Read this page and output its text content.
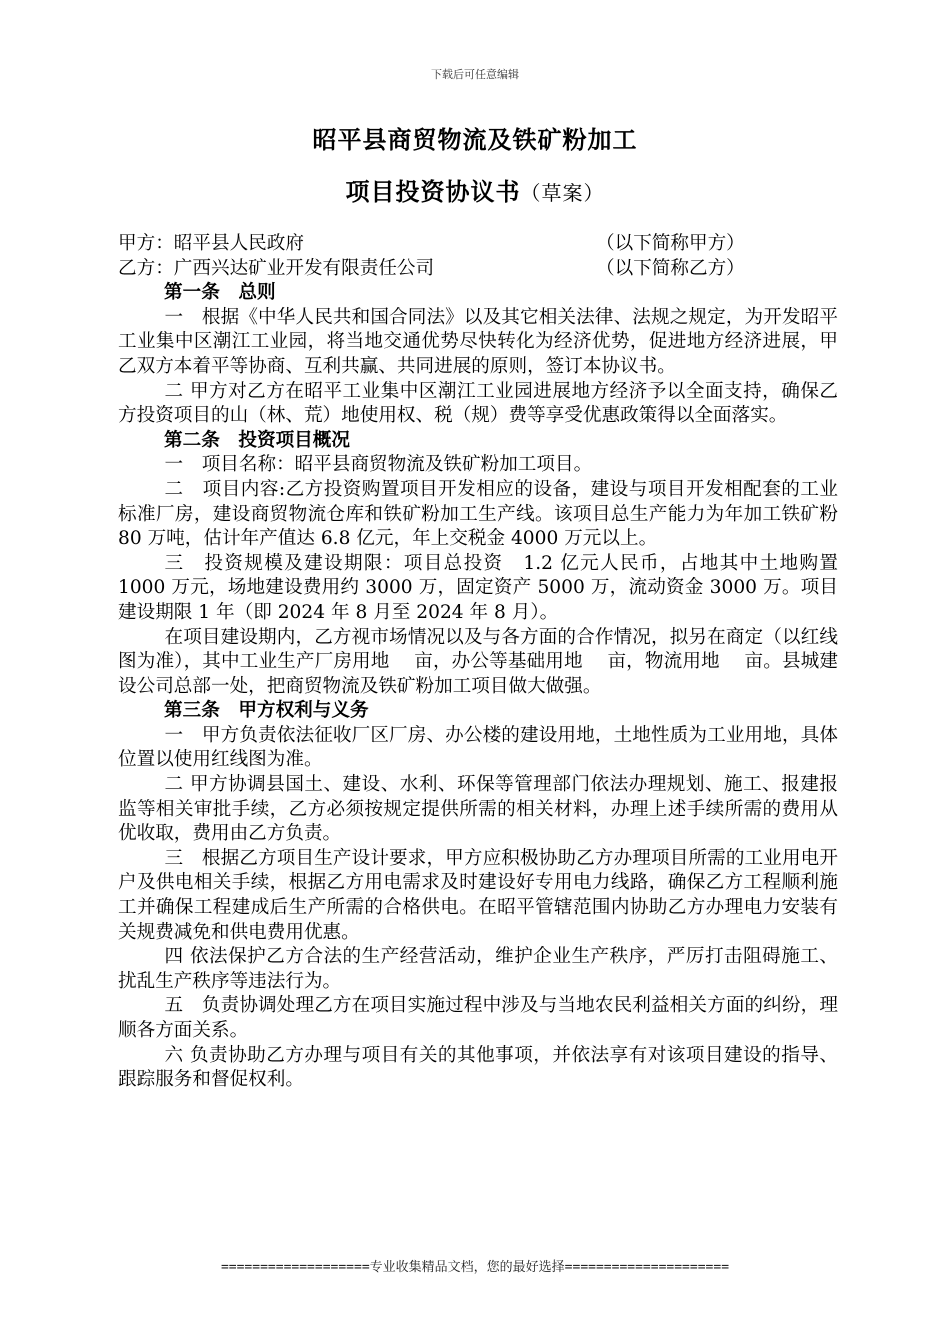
下载后可任意编辑
昭平县商贸物流及铁矿粉加工
项目投资协议书（草案）
甲方：昭平县人民政府	（以下简称甲方）
乙方：广西兴达矿业开发有限责任公司	（以下简称乙方）
第一条　总则
一　根据《中华人民共和国合同法》以及其它相关法律、法规之规定，为开发昭平工业集中区潮江工业园，将当地交通优势尽快转化为经济优势，促进地方经济进展，甲乙双方本着平等协商、互利共赢、共同进展的原则，签订本协议书。
二 甲方对乙方在昭平工业集中区潮江工业园进展地方经济予以全面支持，确保乙方投资项目的山（林、荒）地使用权、税（规）费等享受优惠政策得以全面落实。
第二条　投资项目概况
一　项目名称：昭平县商贸物流及铁矿粉加工项目。
二　项目内容:乙方投资购置项目开发相应的设备，建设与项目开发相配套的工业标准厂房，建设商贸物流仓库和铁矿粉加工生产线。该项目总生产能力为年加工铁矿粉 80 万吨，估计年产值达 6.8 亿元，年上交税金 4000 万元以上。
三　投资规模及建设期限：项目总投资　1.2 亿元人民币，占地其中土地购置 1000 万元，场地建设费用约 3000 万，固定资产 5000 万，流动资金 3000 万。项目建设期限 1 年（即 2024 年 8 月至 2024 年 8 月）。
在项目建设期内，乙方视市场情况以及与各方面的合作情况，拟另在商定（以红线图为准），其中工业生产厂房用地　 亩，办公等基础用地　 亩，物流用地　 亩。县城建设公司总部一处，把商贸物流及铁矿粉加工项目做大做强。
第三条　甲方权利与义务
一　甲方负责依法征收厂区厂房、办公楼的建设用地，土地性质为工业用地，具体位置以使用红线图为准。
二 甲方协调县国土、建设、水利、环保等管理部门依法办理规划、施工、报建报监等相关审批手续，乙方必须按规定提供所需的相关材料，办理上述手续所需的费用从优收取，费用由乙方负责。
三　根据乙方项目生产设计要求，甲方应积极协助乙方办理项目所需的工业用电开户及供电相关手续，根据乙方用电需求及时建设好专用电力线路，确保乙方工程顺利施工并确保工程建成后生产所需的合格供电。在昭平管辖范围内协助乙方办理电力安装有关规费减免和供电费用优惠。
四 依法保护乙方合法的生产经营活动，维护企业生产秩序，严厉打击阻碍施工、扰乱生产秩序等违法行为。
五　负责协调处理乙方在项目实施过程中涉及与当地农民利益相关方面的纠纷，理顺各方面关系。
六 负责协助乙方办理与项目有关的其他事项，并依法享有对该项目建设的指导、跟踪服务和督促权利。
===================专业收集精品文档，您的最好选择=====================
